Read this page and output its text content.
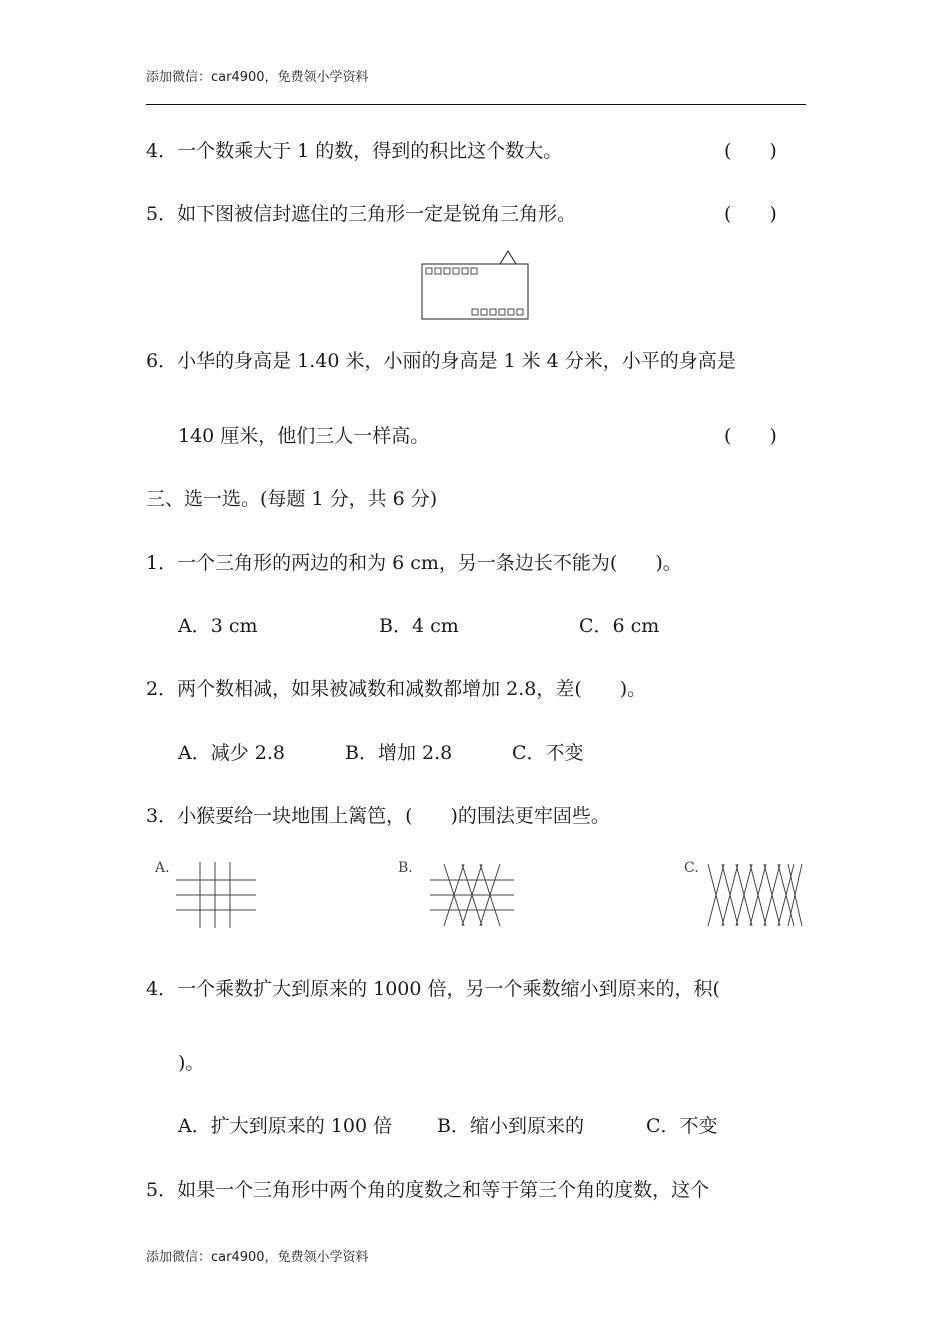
添加微信：car4900，免费领小学资料
4．一个数乘大于 1 的数，得到的积比这个数大。	(　　)
5．如下图被信封遮住的三角形一定是锐角三角形。	(　　)
6．小华的身高是 1.40 米，小丽的身高是 1 米 4 分米，小平的身高是
140 厘米，他们三人一样高。	(　　)
三、选一选。(每题 1 分，共 6 分)
1．一个三角形的两边的和为 6 cm，另一条边长不能为(　　)。
A．3 cm	B．4 cm	C．6 cm
2．两个数相减，如果被减数和减数都增加 2.8，差(　　)。
A．减少 2.8	B．增加 2.8	C．不变
3．小猴要给一块地围上篱笆，(　　)的围法更牢固些。
A.	B.	C.
4．一个乘数扩大到原来的 1000 倍，另一个乘数缩小到原来的，积(
)。
A．扩大到原来的 100 倍 B．缩小到原来的	C．不变
5．如果一个三角形中两个角的度数之和等于第三个角的度数，这个
添加微信：car4900，免费领小学资料
